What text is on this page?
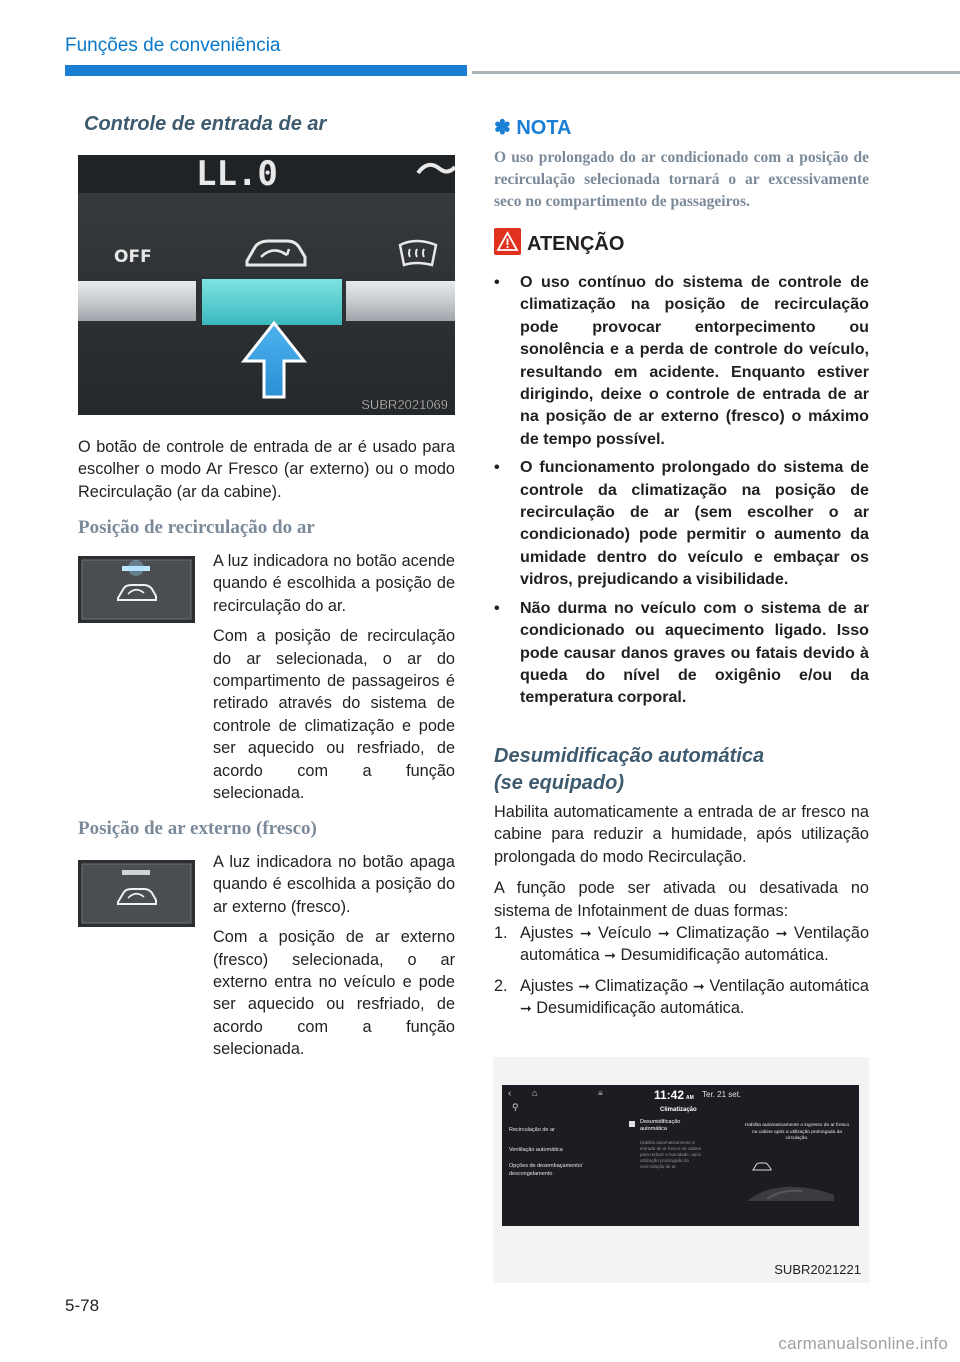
Funções de conveniência
Controle de entrada de ar
LL.0
OFF
SUBR2021069

O botão de controle de entrada de ar é usado para escolher o modo Ar Fresco (ar externo) ou o modo Recirculação (ar da cabine).

Posição de recirculação do ar

A luz indicadora no botão acende quando é escolhida a posição de recirculação do ar.

Com a posição de recirculação do ar selecionada, o ar do compartimento de passageiros é retirado através do sistema de controle de climatização e pode ser aquecido ou resfriado, de acordo com a função selecionada.

Posição de ar externo (fresco)

A luz indicadora no botão apaga quando é escolhida a posição do ar externo (fresco).

Com a posição de ar externo (fresco) selecionada, o ar externo entra no veículo e pode ser aquecido ou resfriado, de acordo com a função selecionada.

✽ NOTA
O uso prolongado do ar condicionado com a posição de recirculação selecionada tornará o ar excessivamente seco no compartimento de passageiros.
ATENÇÃO
• O uso contínuo do sistema de controle de climatização na posição de recirculação pode provocar entorpecimento ou sonolência e a perda de controle do veículo, resultando em acidente. Enquanto estiver dirigindo, deixe o controle de entrada de ar na posição de ar externo (fresco) o máximo de tempo possível.
• O funcionamento prolongado do sistema de controle da climatização na posição de recirculação de ar (sem escolher o ar condicionado) pode permitir o aumento da umidade dentro do veículo e embaçar os vidros, prejudicando a visibilidade.
• Não durma no veículo com o sistema de ar condicionado ou aquecimento ligado. Isso pode causar danos graves ou fatais devido à queda do nível de oxigênio e/ou da temperatura corporal.
Desumidificação automática
(se equipado)

Habilita automaticamente a entrada de ar fresco na cabine para reduzir a humidade, após utilização prolongada do modo Recirculação.

A função pode ser ativada ou desativada no sistema de Infotainment de duas formas:

1. Ajustes ➞ Veículo ➞ Climatização ➞ Ventilação automática ➞ Desumidificação automática.
2. Ajustes ➞ Climatização ➞ Ventilação automática ➞ Desumidificação automática.
‹ ⌂	≡
⚲
11:42 AM Ter. 21 set.
Climatização
Recirculação de ar
Ventilação automática
Opções de desembaçamento/ descongelamento
Desumidificação automática
Habilita automaticamente a entrada de ar fresco na cabine para reduzir a humidade, após utilização prolongada da recirculação de ar.
Habilita automaticamente o ingresso de ar fresco na cabine após a utilização prolongada da circulação.
SUBR2021221
5-78
carmanualsonline.info
